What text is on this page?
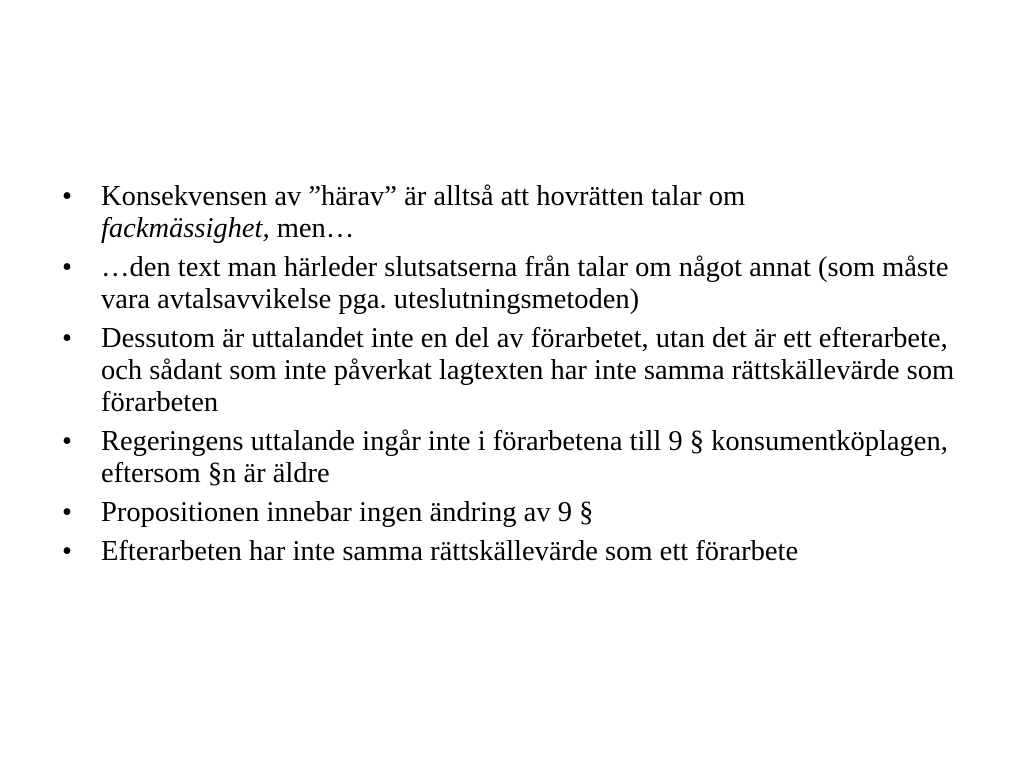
•	Konsekvensen av ”härav” är alltså att hovrätten talar om
fackmässighet, men…
•	…den text man härleder slutsatserna från talar om något annat (som måste vara avtalsavvikelse pga. uteslutningsmetoden)
•	Dessutom är uttalandet inte en del av förarbetet, utan det är ett efterarbete, och sådant som inte påverkat lagtexten har inte samma rättskällevärde som förarbeten
•	Regeringens uttalande ingår inte i förarbetena till 9 § konsumentköplagen, eftersom §n är äldre
•	Propositionen innebar ingen ändring av 9 §
•	Efterarbeten har inte samma rättskällevärde som ett förarbete
